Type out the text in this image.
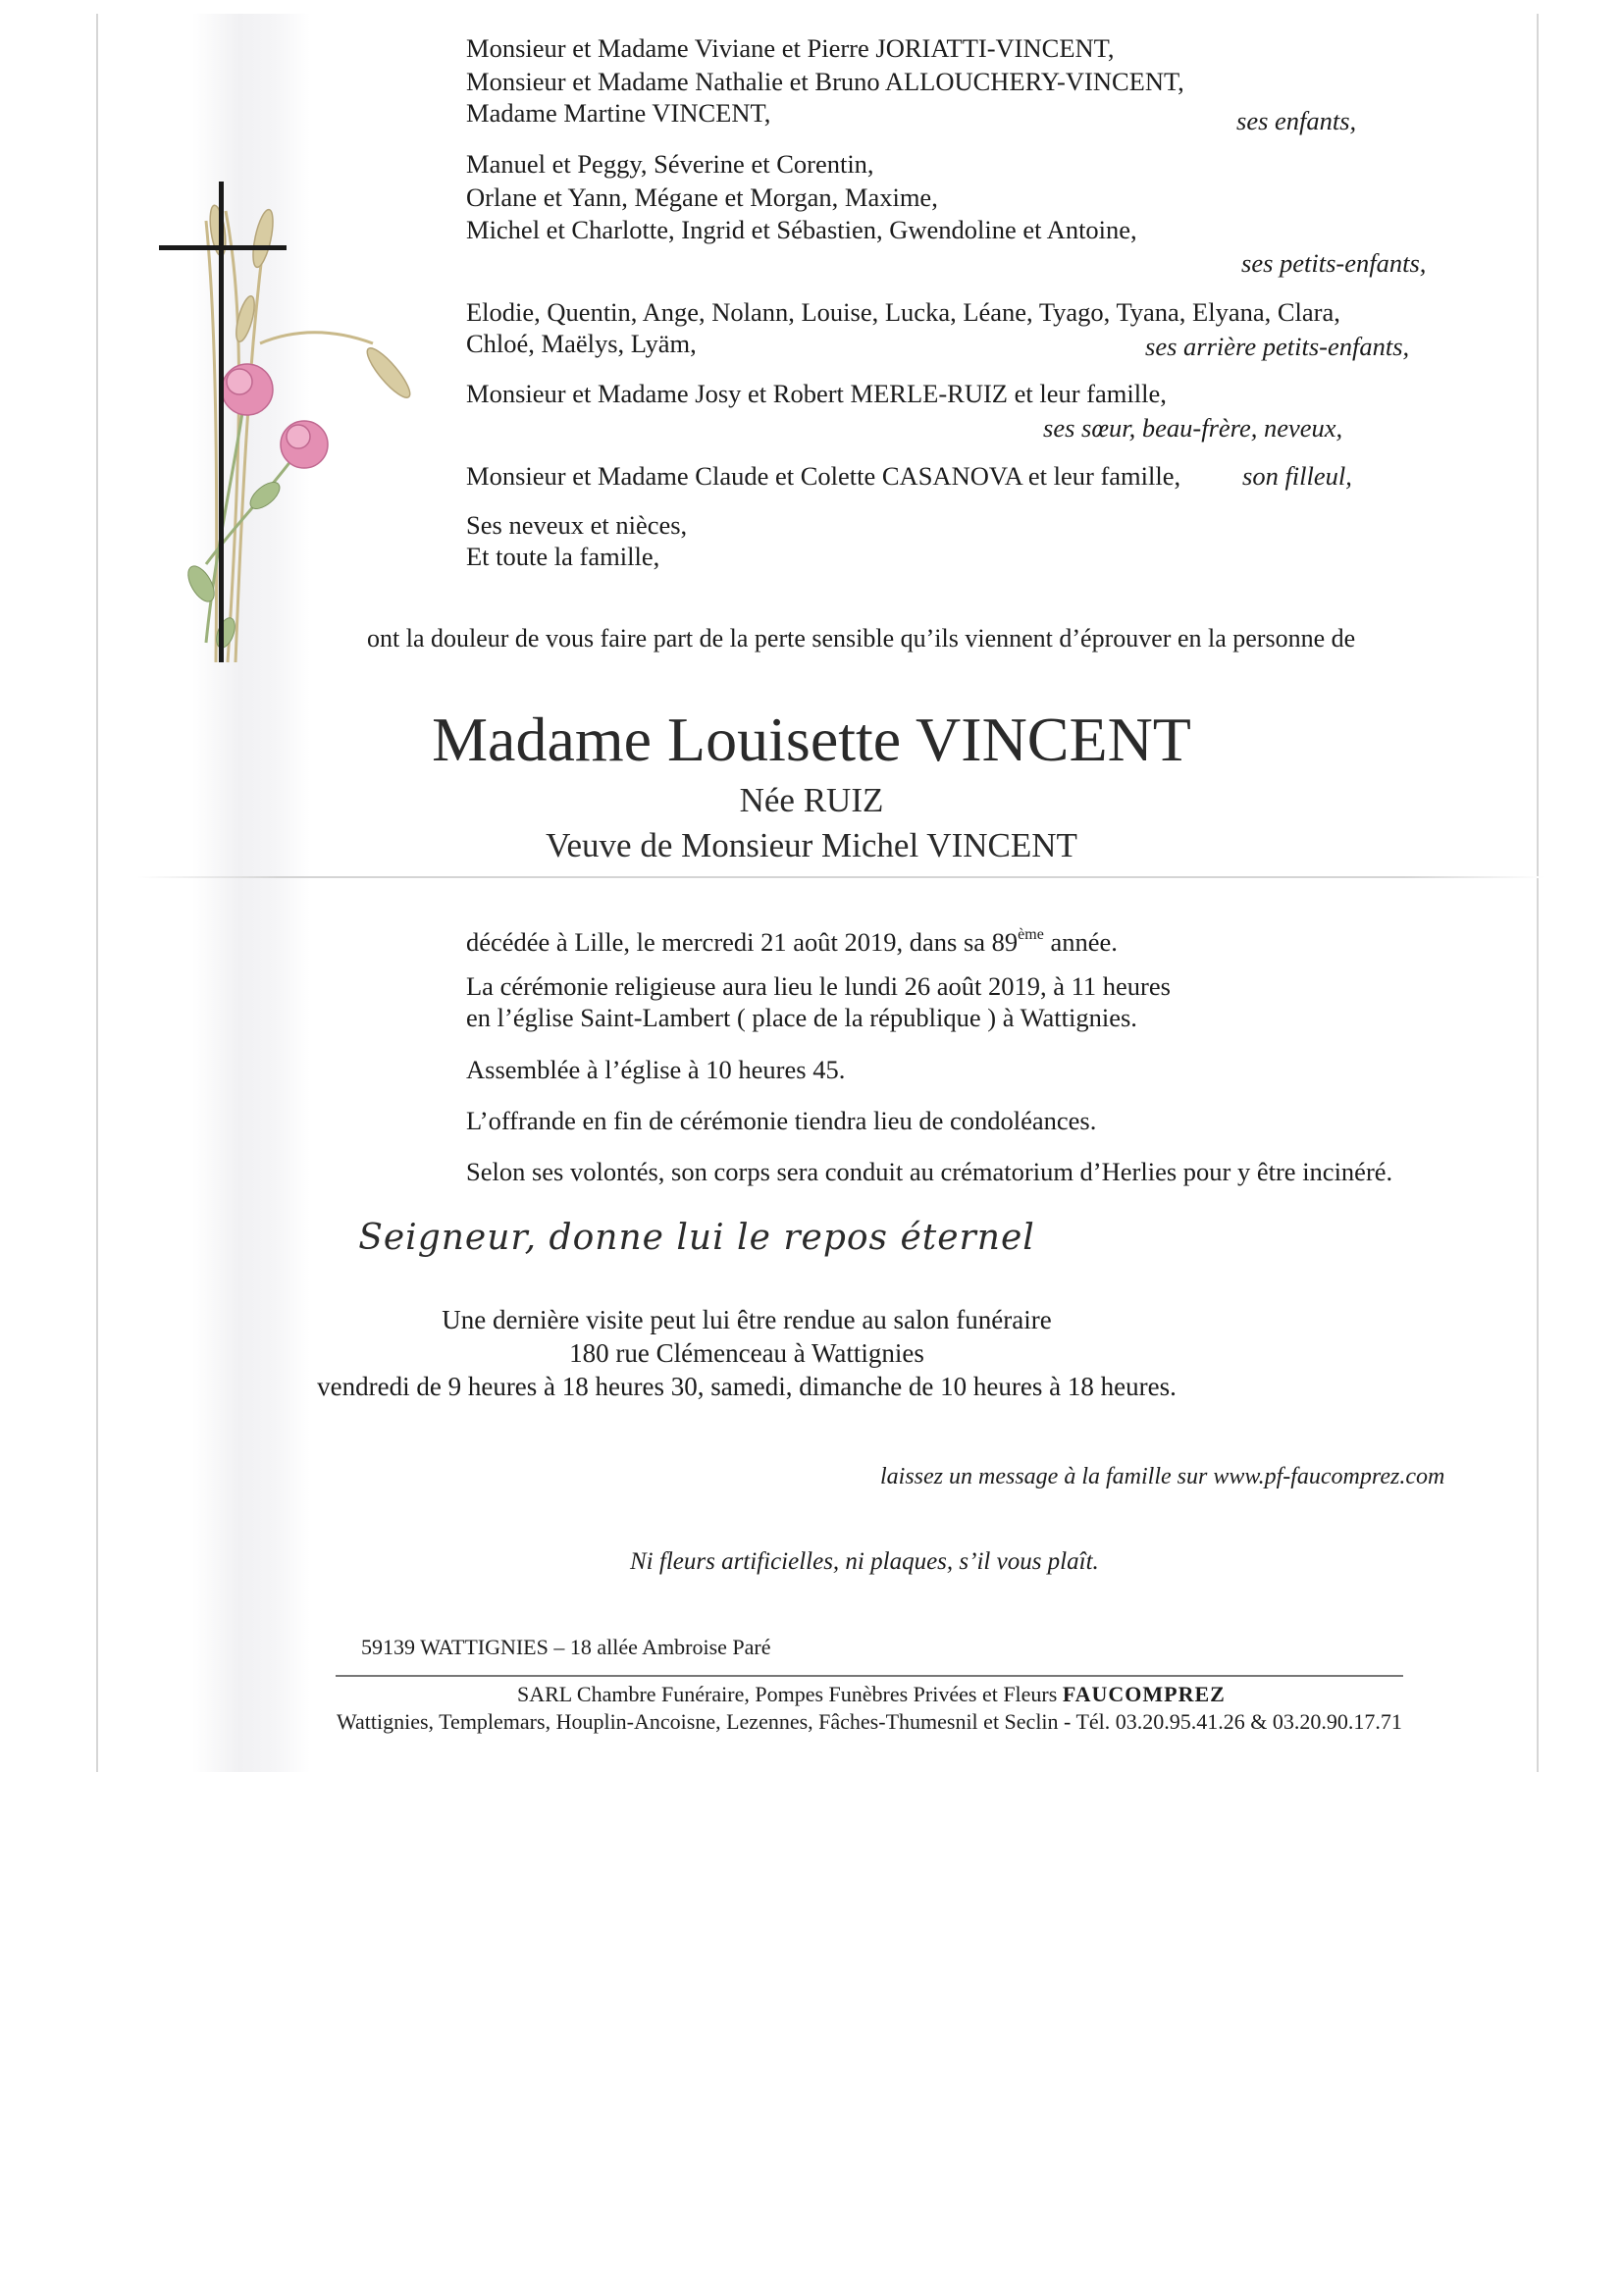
Monsieur et Madame Viviane et Pierre JORIATTI-VINCENT,
Monsieur et Madame Nathalie et Bruno ALLOUCHERY-VINCENT,
Madame Martine VINCENT,	ses enfants,
Manuel et Peggy, Séverine et Corentin,
Orlane et Yann, Mégane et Morgan, Maxime,
Michel et Charlotte, Ingrid et Sébastien, Gwendoline et Antoine,
ses petits-enfants,
Elodie, Quentin, Ange, Nolann, Louise, Lucka, Léane, Tyago, Tyana, Elyana, Clara,
Chloé, Maëlys, Lyäm,	ses arrière petits-enfants,
Monsieur et Madame Josy et Robert MERLE-RUIZ et leur famille,
ses sœur, beau-frère, neveux,
Monsieur et Madame Claude et Colette CASANOVA et leur famille, son filleul,
Ses neveux et nièces,
Et toute la famille,
ont la douleur de vous faire part de la perte sensible qu’ils viennent d’éprouver en la personne de
Madame Louisette VINCENT
Née RUIZ
Veuve de Monsieur Michel VINCENT
décédée à Lille, le mercredi 21 août 2019, dans sa 89ème année.
La cérémonie religieuse aura lieu le lundi 26 août 2019, à 11 heures
en l’église Saint-Lambert ( place de la république ) à Wattignies.
Assemblée à l’église à 10 heures 45.
L’offrande en fin de cérémonie tiendra lieu de condoléances.
Selon ses volontés, son corps sera conduit au crématorium d’Herlies pour y être incinéré.
Seigneur, donne lui le repos éternel
Une dernière visite peut lui être rendue au salon funéraire
180 rue Clémenceau à Wattignies
vendredi de 9 heures à 18 heures 30, samedi, dimanche de 10 heures à 18 heures.
laissez un message à la famille sur www.pf-faucomprez.com
Ni fleurs artificielles, ni plaques, s’il vous plaît.
59139 WATTIGNIES – 18 allée Ambroise Paré
SARL Chambre Funéraire, Pompes Funèbres Privées et Fleurs FAUCOMPREZ
Wattignies, Templemars, Houplin-Ancoisne, Lezennes, Fâches-Thumesnil et Seclin - Tél. 03.20.95.41.26 & 03.20.90.17.71
